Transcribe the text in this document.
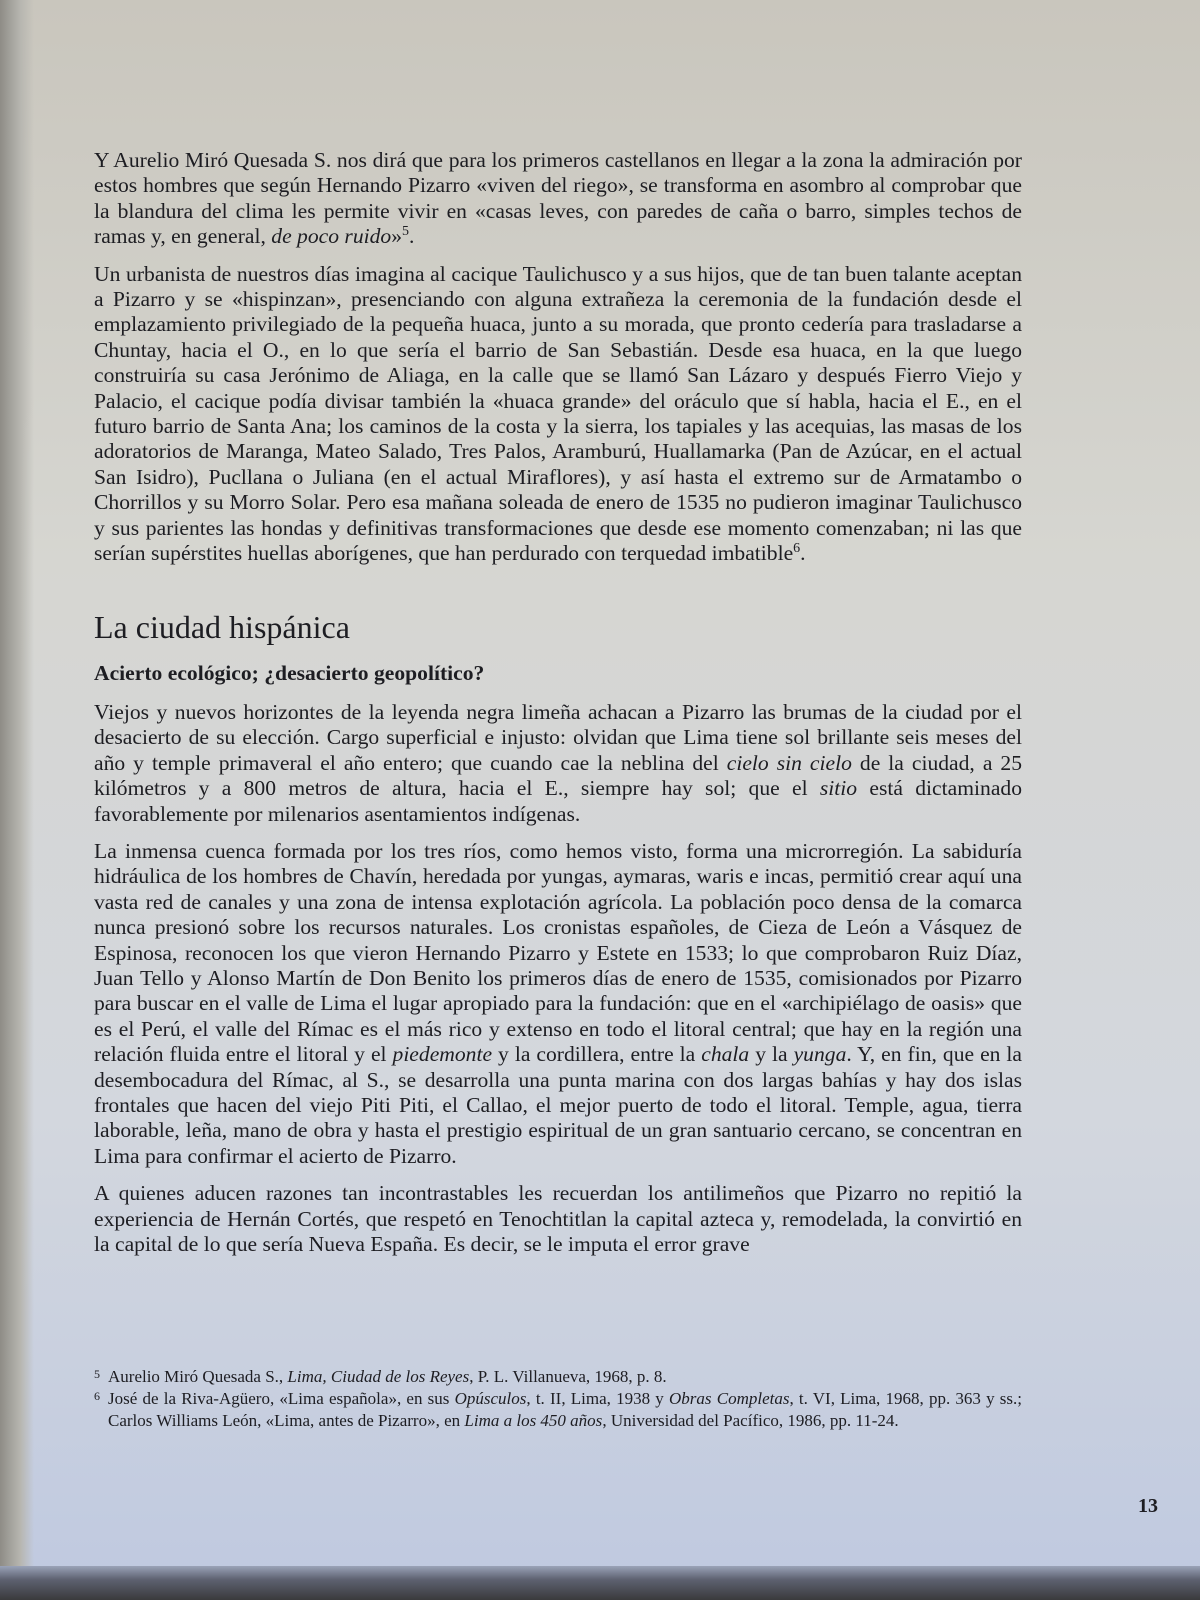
Y Aurelio Miró Quesada S. nos dirá que para los primeros castellanos en llegar a la zona la admiración por estos hombres que según Hernando Pizarro «viven del riego», se transforma en asombro al comprobar que la blandura del clima les permite vivir en «casas leves, con paredes de caña o barro, simples techos de ramas y, en general, de poco ruido»$^5$.

Un urbanista de nuestros días imagina al cacique Taulichusco y a sus hijos, que de tan buen talante aceptan a Pizarro y se «hispinzan», presenciando con alguna extrañeza la ceremonia de la fundación desde el emplazamiento privilegiado de la pequeña huaca, junto a su morada, que pronto cedería para trasladarse a Chuntay, hacia el O., en lo que sería el barrio de San Sebastián. Desde esa huaca, en la que luego construiría su casa Jerónimo de Aliaga, en la calle que se llamó San Lázaro y después Fierro Viejo y Palacio, el cacique podía divisar también la «huaca grande» del oráculo que sí habla, hacia el E., en el futuro barrio de Santa Ana; los caminos de la costa y la sierra, los tapiales y las acequias, las masas de los adoratorios de Maranga, Mateo Salado, Tres Palos, Aramburú, Huallamarka (Pan de Azúcar, en el actual San Isidro), Pucllana o Juliana (en el actual Miraflores), y así hasta el extremo sur de Armatambo o Chorrillos y su Morro Solar. Pero esa mañana soleada de enero de 1535 no pudieron imaginar Taulichusco y sus parientes las hondas y definitivas transformaciones que desde ese momento comenzaban; ni las que serían supérstites huellas aborígenes, que han perdurado con terquedad imbatible$^6$.

La ciudad hispánica
Acierto ecológico; ¿desacierto geopolítico?

Viejos y nuevos horizontes de la leyenda negra limeña achacan a Pizarro las brumas de la ciudad por el desacierto de su elección. Cargo superficial e injusto: olvidan que Lima tiene sol brillante seis meses del año y temple primaveral el año entero; que cuando cae la neblina del cielo sin cielo de la ciudad, a 25 kilómetros y a 800 metros de altura, hacia el E., siempre hay sol; que el sitio está dictaminado favorablemente por milenarios asentamientos indígenas.

La inmensa cuenca formada por los tres ríos, como hemos visto, forma una microrregión. La sabiduría hidráulica de los hombres de Chavín, heredada por yungas, aymaras, waris e incas, permitió crear aquí una vasta red de canales y una zona de intensa explotación agrícola. La población poco densa de la comarca nunca presionó sobre los recursos naturales. Los cronistas españoles, de Cieza de León a Vásquez de Espinosa, reconocen los que vieron Hernando Pizarro y Estete en 1533; lo que comprobaron Ruiz Díaz, Juan Tello y Alonso Martín de Don Benito los primeros días de enero de 1535, comisionados por Pizarro para buscar en el valle de Lima el lugar apropiado para la fundación: que en el «archipiélago de oasis» que es el Perú, el valle del Rímac es el más rico y extenso en todo el litoral central; que hay en la región una relación fluida entre el litoral y el piedemonte y la cordillera, entre la chala y la yunga. Y, en fin, que en la desembocadura del Rímac, al S., se desarrolla una punta marina con dos largas bahías y hay dos islas frontales que hacen del viejo Piti Piti, el Callao, el mejor puerto de todo el litoral. Temple, agua, tierra laborable, leña, mano de obra y hasta el prestigio espiritual de un gran santuario cercano, se concentran en Lima para confirmar el acierto de Pizarro.

A quienes aducen razones tan incontrastables les recuerdan los antilimeños que Pizarro no repitió la experiencia de Hernán Cortés, que respetó en Tenochtitlan la capital azteca y, remodelada, la convirtió en la capital de lo que sería Nueva España. Es decir, se le imputa el error grave

5 Aurelio Miró Quesada S., Lima, Ciudad de los Reyes, P. L. Villanueva, 1968, p. 8.
6 José de la Riva-Agüero, «Lima española», en sus Opúsculos, t. II, Lima, 1938 y Obras Completas, t. VI, Lima, 1968, pp. 363 y ss.; Carlos Williams León, «Lima, antes de Pizarro», en Lima a los 450 años, Universidad del Pacífico, 1986, pp. 11-24.
13
